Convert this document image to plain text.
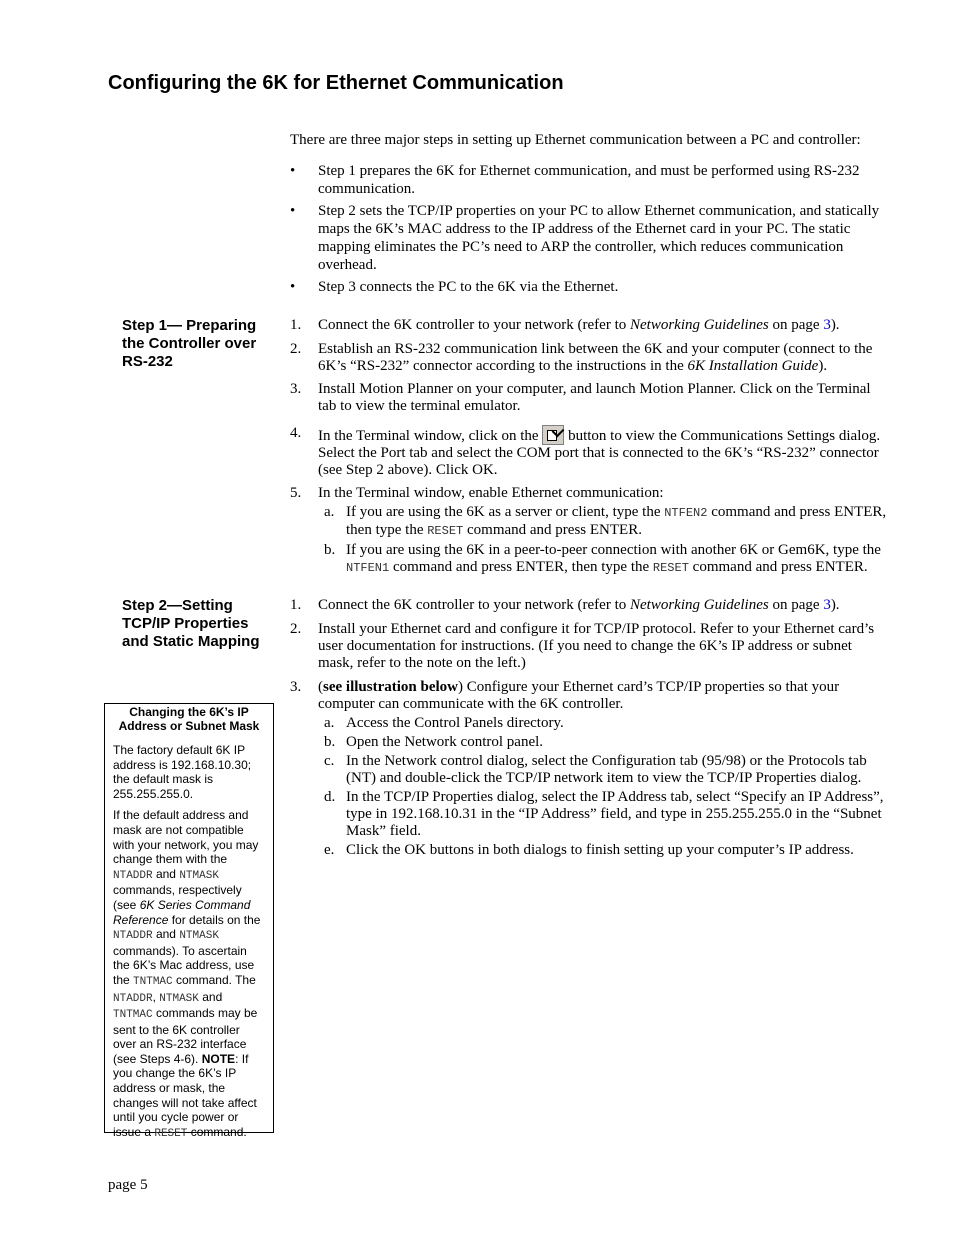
Configuring the 6K for Ethernet Communication

There are three major steps in setting up Ethernet communication between a PC and controller:

• Step 1 prepares the 6K for Ethernet communication, and must be performed using RS-232 communication.
• Step 2 sets the TCP/IP properties on your PC to allow Ethernet communication, and statically maps the 6K’s MAC address to the IP address of the Ethernet card in your PC. The static mapping eliminates the PC’s need to ARP the controller, which reduces communication overhead.
• Step 3 connects the PC to the 6K via the Ethernet.
Step 1— Preparing the Controller over RS-232
1. Connect the 6K controller to your network (refer to Networking Guidelines on page 3).
2. Establish an RS-232 communication link between the 6K and your computer (connect to the 6K’s “RS-232” connector according to the instructions in the 6K Installation Guide).
3. Install Motion Planner on your computer, and launch Motion Planner. Click on the Terminal tab to view the terminal emulator.
4. In the Terminal window, click on the
button to view the Communications Settings dialog. Select the Port tab and select the COM port that is connected to the 6K’s “RS-232” connector (see Step 2 above). Click OK.
5. In the Terminal window, enable Ethernet communication:
a. If you are using the 6K as a server or client, type the NTFEN2 command and press ENTER, then type the RESET command and press ENTER.
b. If you are using the 6K in a peer-to-peer connection with another 6K or Gem6K, type the NTFEN1 command and press ENTER, then type the RESET command and press ENTER.
Step 2—Setting TCP/IP Properties and Static Mapping
1. Connect the 6K controller to your network (refer to Networking Guidelines on page 3).
2. Install your Ethernet card and configure it for TCP/IP protocol. Refer to your Ethernet card’s user documentation for instructions. (If you need to change the 6K’s IP address or subnet mask, refer to the note on the left.)
3. (see illustration below) Configure your Ethernet card’s TCP/IP properties so that your computer can communicate with the 6K controller.
a. Access the Control Panels directory.
b. Open the Network control panel.
c. In the Network control dialog, select the Configuration tab (95/98) or the Protocols tab (NT) and double-click the TCP/IP network item to view the TCP/IP Properties dialog.
d. In the TCP/IP Properties dialog, select the IP Address tab, select “Specify an IP Address”, type in 192.168.10.31 in the “IP Address” field, and type in 255.255.255.0 in the “Subnet Mask” field.
e. Click the OK buttons in both dialogs to finish setting up your computer’s IP address.
Changing the 6K’s IP Address or Subnet Mask

The factory default 6K IP address is 192.168.10.30; the default mask is 255.255.255.0.

If the default address and mask are not compatible with your network, you may change them with the NTADDR and NTMASK commands, respectively (see 6K Series Command Reference for details on the NTADDR and NTMASK commands). To ascertain the 6K’s Mac address, use the TNTMAC command. The NTADDR, NTMASK and TNTMAC commands may be sent to the 6K controller over an RS-232 interface (see Steps 4-6). NOTE: If you change the 6K’s IP address or mask, the changes will not take affect until you cycle power or issue a RESET command.

page 5
